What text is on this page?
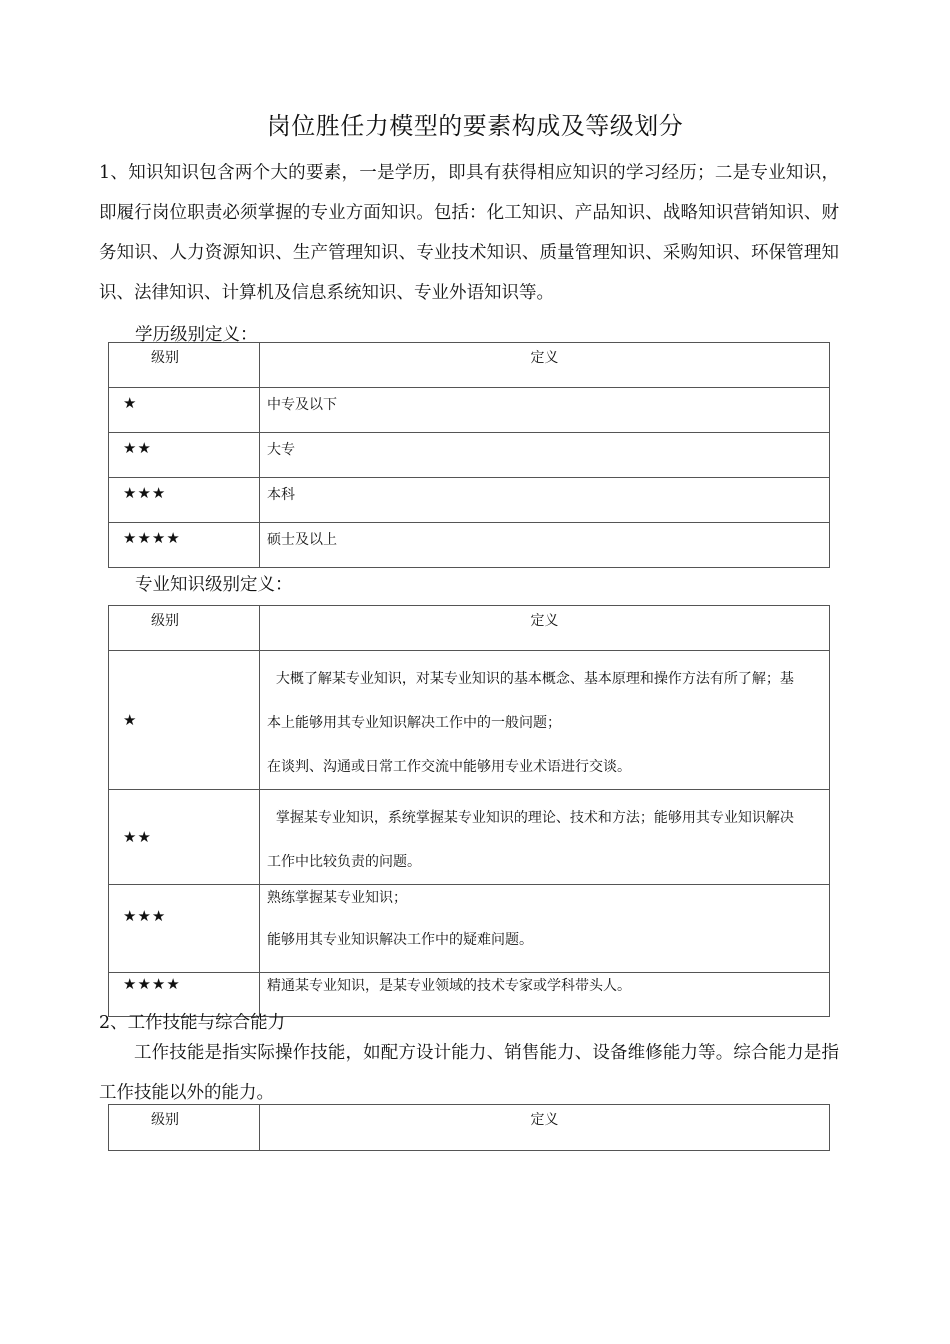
岗位胜任力模型的要素构成及等级划分

1、知识知识包含两个大的要素，一是学历，即具有获得相应知识的学习经历；二是专业知识，即履行岗位职责必须掌握的专业方面知识。包括：化工知识、产品知识、战略知识营销知识、财务知识、人力资源知识、生产管理知识、专业技术知识、质量管理知识、采购知识、环保管理知识、法律知识、计算机及信息系统知识、专业外语知识等。

学历级别定义：
级别	定义
★	中专及以下
★★	大专
★★★	本科
★★★★	硕士及以上
专业知识级别定义：
级别	定义
★	大概了解某专业知识，对某专业知识的基本概念、基本原理和操作方法有所了解；基
本上能够用其专业知识解决工作中的一般问题；
在谈判、沟通或日常工作交流中能够用专业术语进行交谈。

★★	掌握某专业知识，系统掌握某专业知识的理论、技术和方法；能够用其专业知识解决
工作中比较负责的问题。

★★★	熟练掌握某专业知识；
能够用其专业知识解决工作中的疑难问题。

★★★★	精通某专业知识，是某专业领域的技术专家或学科带头人。
2、工作技能与综合能力

工作技能是指实际操作技能，如配方设计能力、销售能力、设备维修能力等。综合能力是指工作技能以外的能力。

级别	定义
